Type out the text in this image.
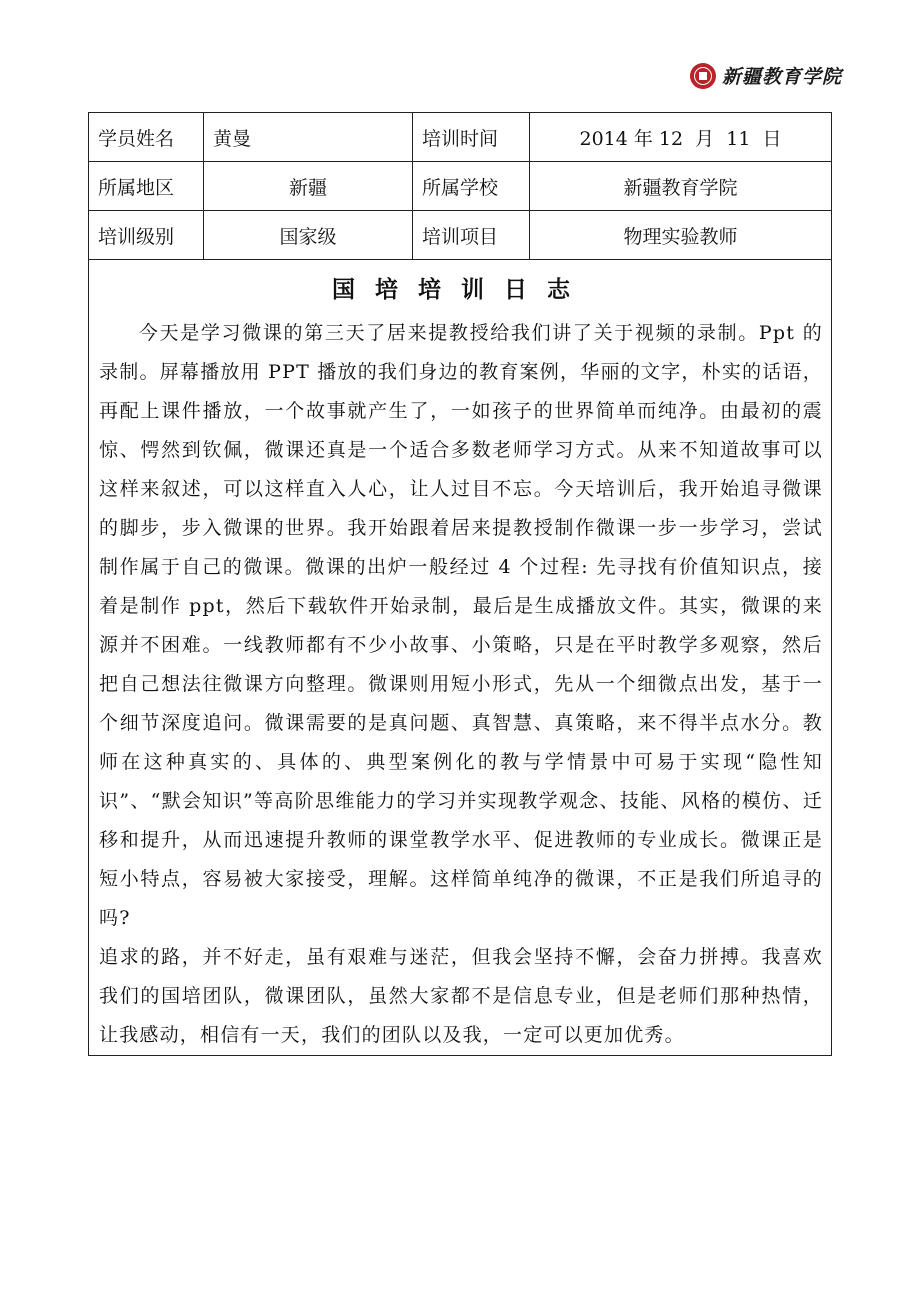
新疆教育学院
学员姓名	黄曼	培训时间	2014 年 12  月  11  日
所属地区	新疆	所属学校	新疆教育学院
培训级别	国家级	培训项目	物理实验教师

国培培训日志

今天是学习微课的第三天了居来提教授给我们讲了关于视频的录制。Ppt 的录制。屏幕播放用 PPT 播放的我们身边的教育案例，华丽的文字，朴实的话语，再配上课件播放，一个故事就产生了，一如孩子的世界简单而纯净。由最初的震惊、愕然到钦佩，微课还真是一个适合多数老师学习方式。从来不知道故事可以这样来叙述，可以这样直入人心，让人过目不忘。今天培训后，我开始追寻微课的脚步，步入微课的世界。我开始跟着居来提教授制作微课一步一步学习，尝试制作属于自己的微课。微课的出炉一般经过 4 个过程: 先寻找有价值知识点，接着是制作 ppt，然后下载软件开始录制，最后是生成播放文件。其实，微课的来源并不困难。一线教师都有不少小故事、小策略，只是在平时教学多观察，然后把自己想法往微课方向整理。微课则用短小形式，先从一个细微点出发，基于一个细节深度追问。微课需要的是真问题、真智慧、真策略，来不得半点水分。教师在这种真实的、具体的、典型案例化的教与学情景中可易于实现“隐性知识”、“默会知识”等高阶思维能力的学习并实现教学观念、技能、风格的模仿、迁移和提升，从而迅速提升教师的课堂教学水平、促进教师的专业成长。微课正是短小特点，容易被大家接受，理解。这样简单纯净的微课，不正是我们所追寻的吗?

追求的路，并不好走，虽有艰难与迷茫，但我会坚持不懈，会奋力拼搏。我喜欢我们的国培团队，微课团队，虽然大家都不是信息专业，但是老师们那种热情，让我感动，相信有一天，我们的团队以及我，一定可以更加优秀。			
